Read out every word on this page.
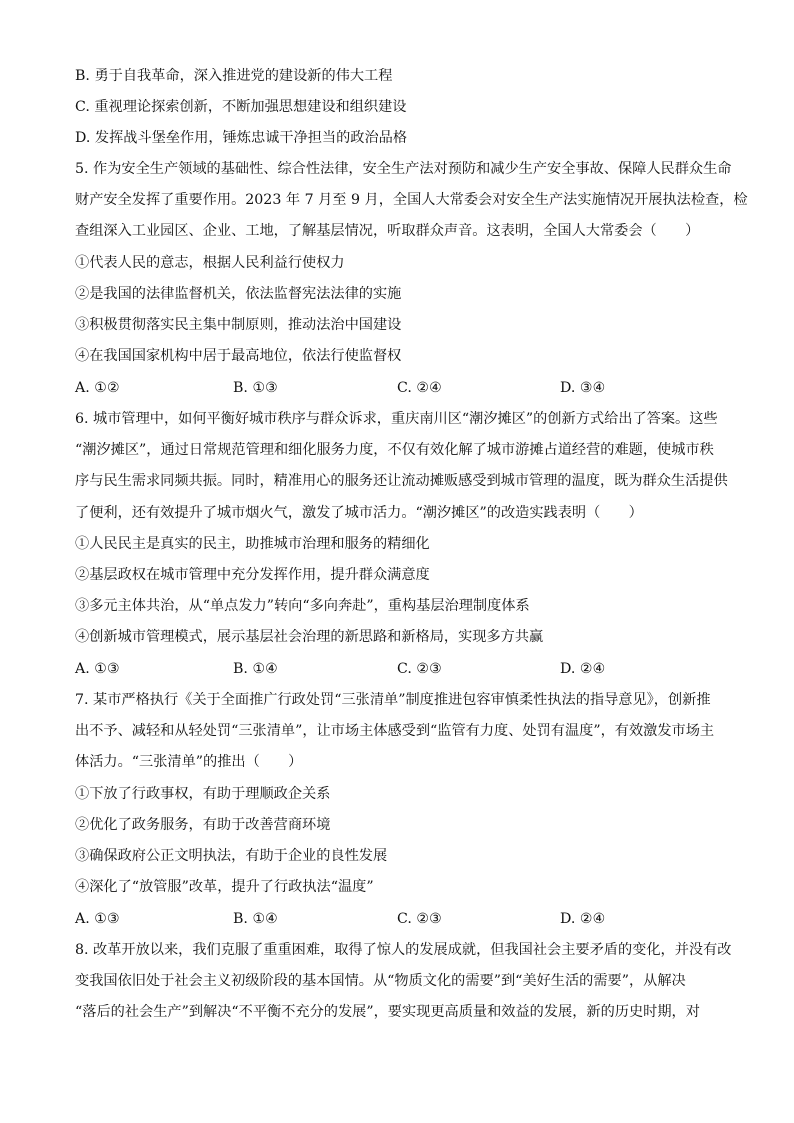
B. 勇于自我革命，深入推进党的建设新的伟大工程
C. 重视理论探索创新，不断加强思想建设和组织建设
D. 发挥战斗堡垒作用，锤炼忠诚干净担当的政治品格
5. 作为安全生产领域的基础性、综合性法律，安全生产法对预防和减少生产安全事故、保障人民群众生命
财产安全发挥了重要作用。2023 年 7 月至 9 月，全国人大常委会对安全生产法实施情况开展执法检查，检
查组深入工业园区、企业、工地，了解基层情况，听取群众声音。这表明，全国人大常委会（　　）
①代表人民的意志，根据人民利益行使权力
②是我国的法律监督机关，依法监督宪法法律的实施
③积极贯彻落实民主集中制原则，推动法治中国建设
④在我国国家机构中居于最高地位，依法行使监督权
A. ①②	B. ①③	C. ②④	D. ③④
6. 城市管理中，如何平衡好城市秩序与群众诉求，重庆南川区“潮汐摊区”的创新方式给出了答案。这些
“潮汐摊区”，通过日常规范管理和细化服务力度，不仅有效化解了城市游摊占道经营的难题，使城市秩
序与民生需求同频共振。同时，精准用心的服务还让流动摊贩感受到城市管理的温度，既为群众生活提供
了便利，还有效提升了城市烟火气，激发了城市活力。“潮汐摊区”的改造实践表明（　　）
①人民民主是真实的民主，助推城市治理和服务的精细化
②基层政权在城市管理中充分发挥作用，提升群众满意度
③多元主体共治，从“单点发力”转向“多向奔赴”，重构基层治理制度体系
④创新城市管理模式，展示基层社会治理的新思路和新格局，实现多方共赢
A. ①③	B. ①④	C. ②③	D. ②④
7. 某市严格执行《关于全面推广行政处罚“三张清单”制度推进包容审慎柔性执法的指导意见》，创新推
出不予、减轻和从轻处罚“三张清单”，让市场主体感受到“监管有力度、处罚有温度”，有效激发市场主
体活力。“三张清单”的推出（　　）
①下放了行政事权，有助于理顺政企关系
②优化了政务服务，有助于改善营商环境
③确保政府公正文明执法，有助于企业的良性发展
④深化了“放管服”改革，提升了行政执法“温度”
A. ①③	B. ①④	C. ②③	D. ②④
8. 改革开放以来，我们克服了重重困难，取得了惊人的发展成就，但我国社会主要矛盾的变化，并没有改
变我国依旧处于社会主义初级阶段的基本国情。从“物质文化的需要”到“美好生活的需要”，从解决
“落后的社会生产”到解决“不平衡不充分的发展”，要实现更高质量和效益的发展，新的历史时期，对
